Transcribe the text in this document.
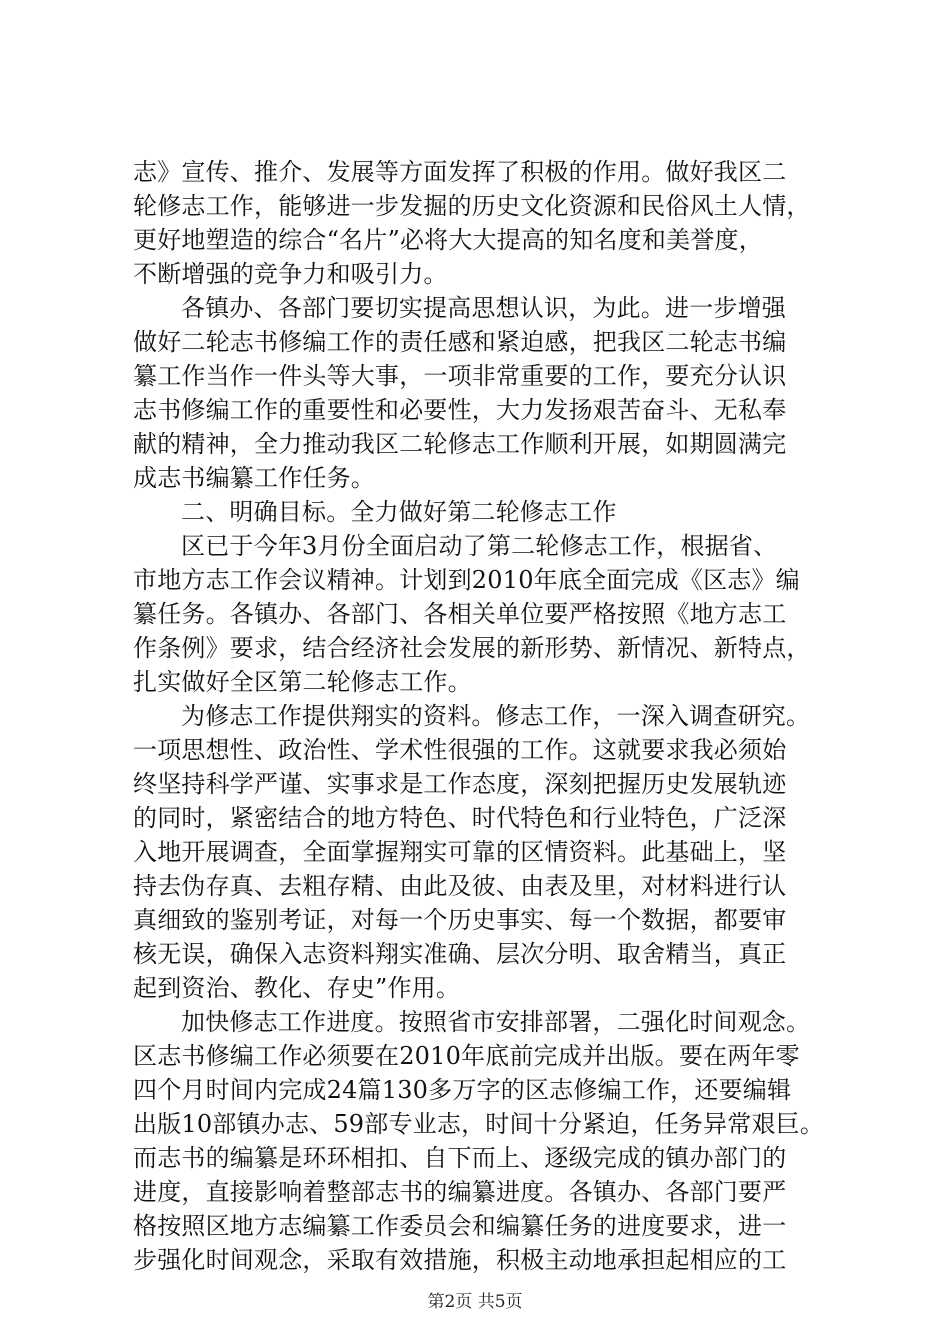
志》宣传、推介、发展等方面发挥了积极的作用。做好我区二
轮修志工作，能够进一步发掘的历史文化资源和民俗风土人情，
更好地塑造的综合“名片”必将大大提高的知名度和美誉度，
不断增强的竞争力和吸引力。
各镇办、各部门要切实提高思想认识，为此。进一步增强
做好二轮志书修编工作的责任感和紧迫感，把我区二轮志书编
纂工作当作一件头等大事，一项非常重要的工作，要充分认识
志书修编工作的重要性和必要性，大力发扬艰苦奋斗、无私奉
献的精神，全力推动我区二轮修志工作顺利开展，如期圆满完
成志书编纂工作任务。
二、明确目标。全力做好第二轮修志工作
区已于今年3月份全面启动了第二轮修志工作，根据省、
市地方志工作会议精神。计划到2010年底全面完成《区志》编
纂任务。各镇办、各部门、各相关单位要严格按照《地方志工
作条例》要求，结合经济社会发展的新形势、新情况、新特点，
扎实做好全区第二轮修志工作。
为修志工作提供翔实的资料。修志工作，一深入调查研究。
一项思想性、政治性、学术性很强的工作。这就要求我必须始
终坚持科学严谨、实事求是工作态度，深刻把握历史发展轨迹
的同时，紧密结合的地方特色、时代特色和行业特色，广泛深
入地开展调查，全面掌握翔实可靠的区情资料。此基础上，坚
持去伪存真、去粗存精、由此及彼、由表及里，对材料进行认
真细致的鉴别考证，对每一个历史事实、每一个数据，都要审
核无误，确保入志资料翔实准确、层次分明、取舍精当，真正
起到资治、教化、存史”作用。
加快修志工作进度。按照省市安排部署，二强化时间观念。
区志书修编工作必须要在2010年底前完成并出版。要在两年零
四个月时间内完成24篇130多万字的区志修编工作，还要编辑
出版10部镇办志、59部专业志，时间十分紧迫，任务异常艰巨。
而志书的编纂是环环相扣、自下而上、逐级完成的镇办部门的
进度，直接影响着整部志书的编纂进度。各镇办、各部门要严
格按照区地方志编纂工作委员会和编纂任务的进度要求，进一
步强化时间观念，采取有效措施，积极主动地承担起相应的工
第2页 共5页
